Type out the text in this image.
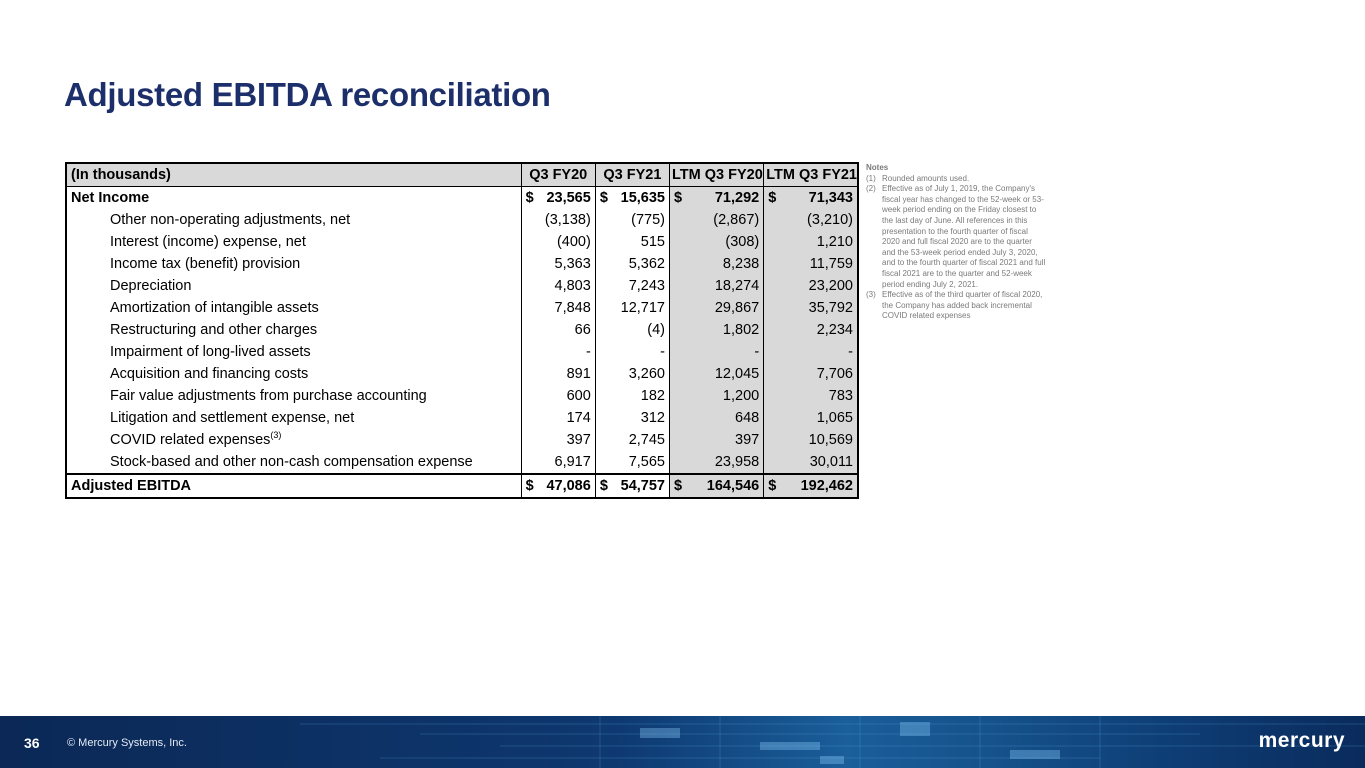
Adjusted EBITDA reconciliation
(In thousands)	Q3 FY20	Q3 FY21	LTM Q3 FY20	LTM Q3 FY21
Net Income	$ 23,565	$ 15,635	$ 71,292	$ 71,343
Other non-operating adjustments, net	(3,138)	(775)	(2,867)	(3,210)
Interest (income) expense, net	(400)	515	(308)	1,210
Income tax (benefit) provision	5,363	5,362	8,238	11,759
Depreciation	4,803	7,243	18,274	23,200
Amortization of intangible assets	7,848	12,717	29,867	35,792
Restructuring and other charges	66	(4)	1,802	2,234
Impairment of long-lived assets	-	-	-	-
Acquisition and financing costs	891	3,260	12,045	7,706
Fair value adjustments from purchase accounting	600	182	1,200	783
Litigation and settlement expense, net	174	312	648	1,065
COVID related expenses$^{(3)}$	397	2,745	397	10,569
Stock-based and other non-cash compensation expense	6,917	7,565	23,958	30,011
Adjusted EBITDA	$ 47,086	$ 54,757	$ 164,546	$ 192,462
Notes
(1) Rounded amounts used.
(2) Effective as of July 1, 2019, the Company's fiscal year has changed to the 52-week or 53-week period ending on the Friday closest to the last day of June. All references in this presentation to the fourth quarter of fiscal 2020 and full fiscal 2020 are to the quarter and the 53-week period ended July 3, 2020, and to the fourth quarter of fiscal 2021 and full fiscal 2021 are to the quarter and 52-week period ending July 2, 2021.
(3) Effective as of the third quarter of fiscal 2020, the Company has added back incremental COVID related expenses
36 © Mercury Systems, Inc.	mercury
